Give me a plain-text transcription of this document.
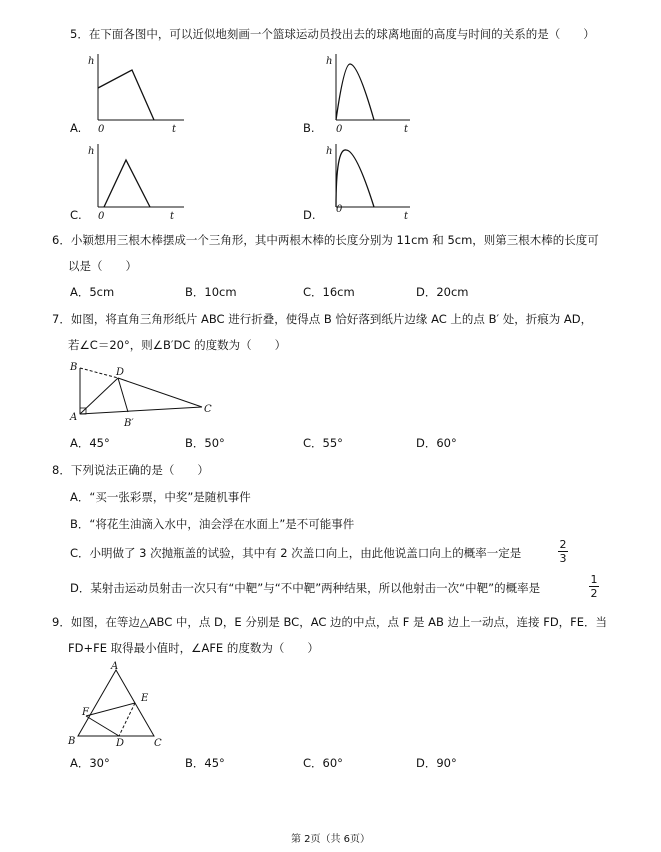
5．在下面各图中，可以近似地刻画一个篮球运动员投出去的球离地面的高度与时间的关系的是（　　）
A.
h
0	t	B.
h
0	t
C.
h
0	t	D.
h
0
t
6．小颖想用三根木棒摆成一个三角形，其中两根木棒的长度分别为 11cm 和 5cm，则第三根木棒的长度可
以是（　　）
A．5cm	B．10cm	C．16cm	D．20cm
7．如图，将直角三角形纸片 ABC 进行折叠，使得点 B 恰好落到纸片边缘 AC 上的点 B′ 处，折痕为 AD，
若∠C＝20°，则∠B′DC 的度数为（　　）
B	D
A
B′
C
A．45°	B．50°	C．55°	D．60°
8．下列说法正确的是（　　）
A．“买一张彩票，中奖”是随机事件
B．“将花生油滴入水中，油会浮在水面上”是不可能事件
C．小明做了 3 次抛瓶盖的试验，其中有 2 次盖口向上，由此他说盖口向上的概率一定是
2
3
D．某射击运动员射击一次只有“中靶”与“不中靶”两种结果，所以他射击一次“中靶”的概率是
1
2
9．如图，在等边△ABC 中，点 D，E 分别是 BC，AC 边的中点，点 F 是 AB 边上一动点，连接 FD，FE．当
FD+FE 取得最小值时，∠AFE 的度数为（　　）
A
E
F
B	D	C
A．30°	B．45°	C．60°	D．90°
第 2页（共 6页）
